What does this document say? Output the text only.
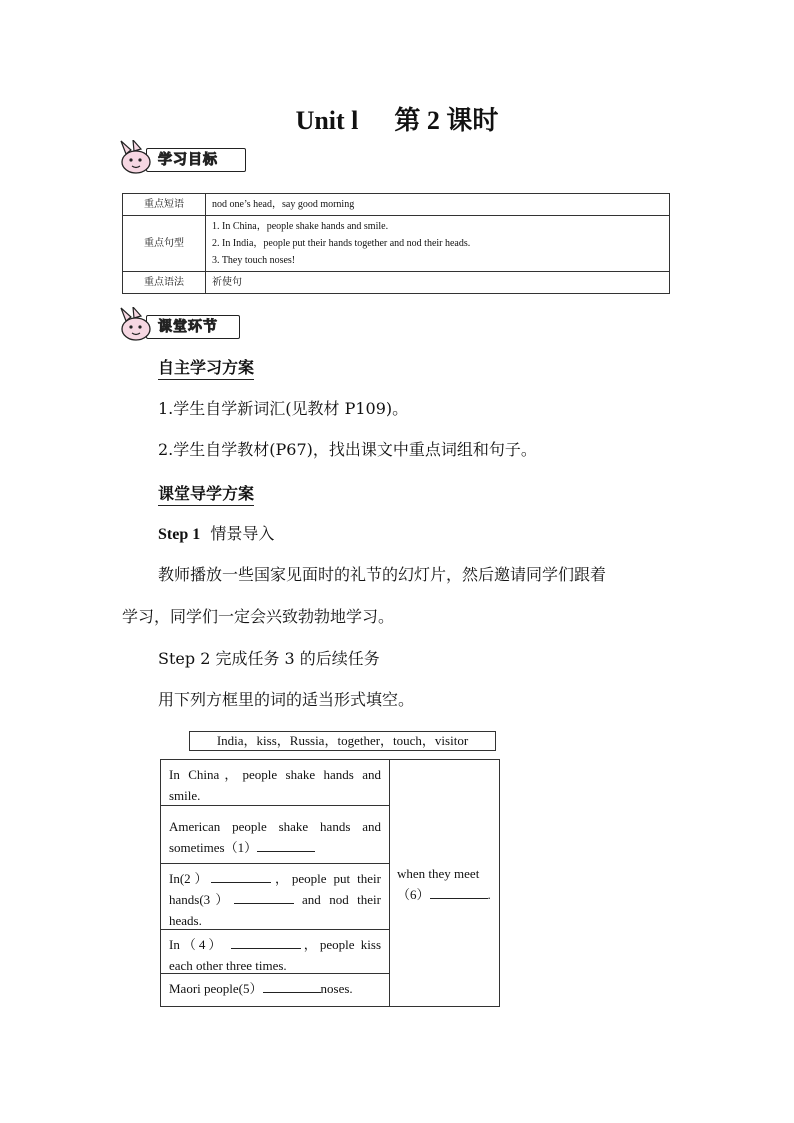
Unit l 第 2 课时
学习目标
重点短语	nod one’s head，say good morning
重点句型	1. In China，people shake hands and smile.
2. In India，people put their hands together and nod their heads.
3. They touch noses!

重点语法	祈使句
课堂环节
自主学习方案
1.学生自学新词汇(见教材 P109)。
2.学生自学教材(P67)，找出课文中重点词组和句子。
课堂导学方案
Step 1 情景导入
教师播放一些国家见面时的礼节的幻灯片，然后邀请同学们跟着
学习，同学们一定会兴致勃勃地学习。
Step 2 完成任务 3 的后续任务
用下列方框里的词的适当形式填空。
India，kiss，Russia，together，touch，visitor
In China，people shake hands and smile.
American people shake hands and sometimes（1）
In(2）	，people put their hands(3）	and nod their heads.
In（4）	，people kiss each other three times.
Maori people(5）	noses.
when they meet
（6）	.
